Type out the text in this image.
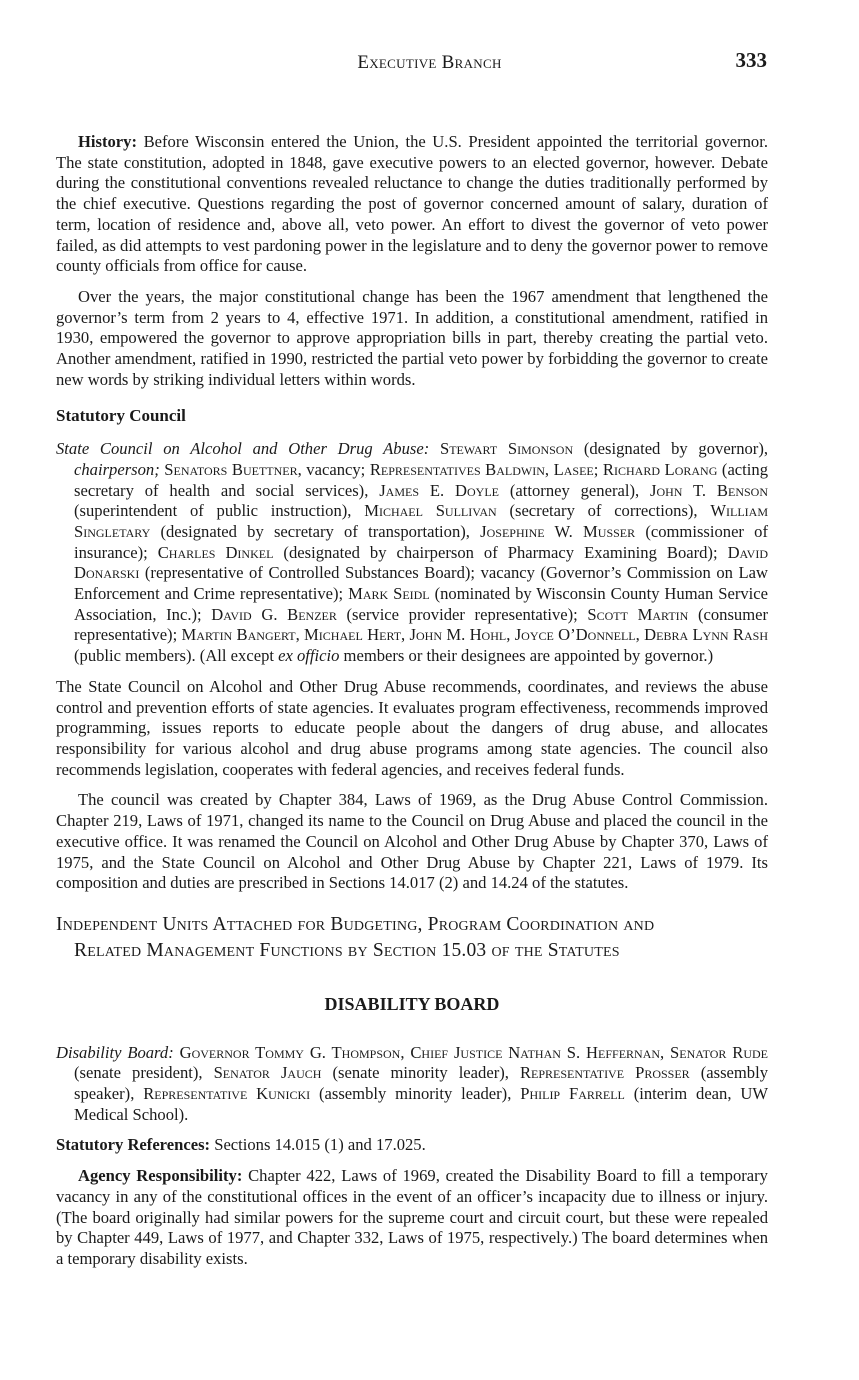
Executive Branch	333

History: Before Wisconsin entered the Union, the U.S. President appointed the territorial governor. The state constitution, adopted in 1848, gave executive powers to an elected governor, however. Debate during the constitutional conventions revealed reluctance to change the duties traditionally performed by the chief executive. Questions regarding the post of governor concerned amount of salary, duration of term, location of residence and, above all, veto power. An effort to divest the governor of veto power failed, as did attempts to vest pardoning power in the legislature and to deny the governor power to remove county officials from office for cause.

Over the years, the major constitutional change has been the 1967 amendment that lengthened the governor’s term from 2 years to 4, effective 1971. In addition, a constitutional amendment, ratified in 1930, empowered the governor to approve appropriation bills in part, thereby creating the partial veto. Another amendment, ratified in 1990, restricted the partial veto power by forbidding the governor to create new words by striking individual letters within words.

Statutory Council

State Council on Alcohol and Other Drug Abuse: Stewart Simonson (designated by governor), chairperson; Senators Buettner, vacancy; Representatives Baldwin, Lasee; Richard Lorang (acting secretary of health and social services), James E. Doyle (attorney general), John T. Benson (superintendent of public instruction), Michael Sullivan (secretary of corrections), William Singletary (designated by secretary of transportation), Josephine W. Musser (commissioner of insurance); Charles Dinkel (designated by chairperson of Pharmacy Examining Board); David Donarski (representative of Controlled Substances Board); vacancy (Governor’s Commission on Law Enforcement and Crime representative); Mark Seidl (nominated by Wisconsin County Human Service Association, Inc.); David G. Benzer (service provider representative); Scott Martin (consumer representative); Martin Bangert, Michael Hert, John M. Hohl, Joyce O’Donnell, Debra Lynn Rash (public members). (All except ex officio members or their designees are appointed by governor.)

The State Council on Alcohol and Other Drug Abuse recommends, coordinates, and reviews the abuse control and prevention efforts of state agencies. It evaluates program effectiveness, recommends improved programming, issues reports to educate people about the dangers of drug abuse, and allocates responsibility for various alcohol and drug abuse programs among state agencies. The council also recommends legislation, cooperates with federal agencies, and receives federal funds.

The council was created by Chapter 384, Laws of 1969, as the Drug Abuse Control Commission. Chapter 219, Laws of 1971, changed its name to the Council on Drug Abuse and placed the council in the executive office. It was renamed the Council on Alcohol and Other Drug Abuse by Chapter 370, Laws of 1975, and the State Council on Alcohol and Other Drug Abuse by Chapter 221, Laws of 1979. Its composition and duties are prescribed in Sections 14.017 (2) and 14.24 of the statutes.

Independent Units Attached for Budgeting, Program Coordination and
Related Management Functions by Section 15.03 of the Statutes
DISABILITY BOARD

Disability Board: Governor Tommy G. Thompson, Chief Justice Nathan S. Heffernan, Senator Rude (senate president), Senator Jauch (senate minority leader), Representative Prosser (assembly speaker), Representative Kunicki (assembly minority leader), Philip Farrell (interim dean, UW Medical School).

Statutory References: Sections 14.015 (1) and 17.025.

Agency Responsibility: Chapter 422, Laws of 1969, created the Disability Board to fill a temporary vacancy in any of the constitutional offices in the event of an officer’s incapacity due to illness or injury. (The board originally had similar powers for the supreme court and circuit court, but these were repealed by Chapter 449, Laws of 1977, and Chapter 332, Laws of 1975, respectively.) The board determines when a temporary disability exists.
